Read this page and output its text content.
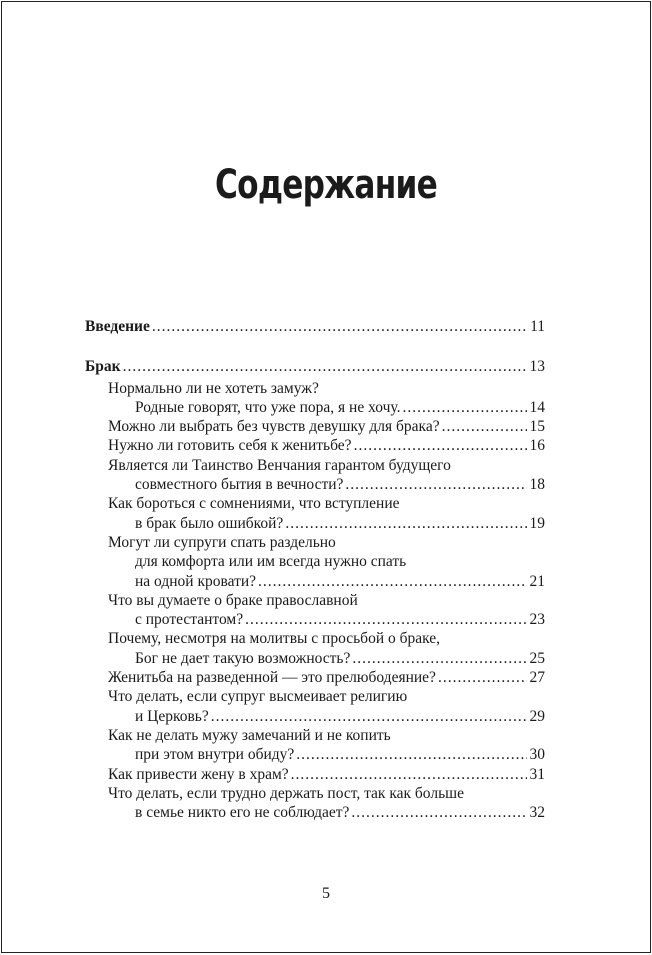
Содержание
Введение .....	11
Брак .....	13
Нормально ли не хотеть замуж?
Родные говорят, что уже пора, я не хочу. .....	14
Можно ли выбрать без чувств девушку для брака? .....	15
Нужно ли готовить себя к женитьбе? .....	16
Является ли Таинство Венчания гарантом будущего
совместного бытия в вечности? .....	18
Как бороться с сомнениями, что вступление
в брак было ошибкой? .....	19
Могут ли супруги спать раздельно
для комфорта или им всегда нужно спать
на одной кровати? .....	21
Что вы думаете о браке православной
с протестантом? .....	23
Почему, несмотря на молитвы с просьбой о браке,
Бог не дает такую возможность? .....	25
Женитьба на разведенной — это прелюбодеяние? .....	27
Что делать, если супруг высмеивает религию
и Церковь? .....	29
Как не делать мужу замечаний и не копить
при этом внутри обиду? .....	30
Как привести жену в храм? .....	31
Что делать, если трудно держать пост, так как больше
в семье никто его не соблюдает? .....	32
5
